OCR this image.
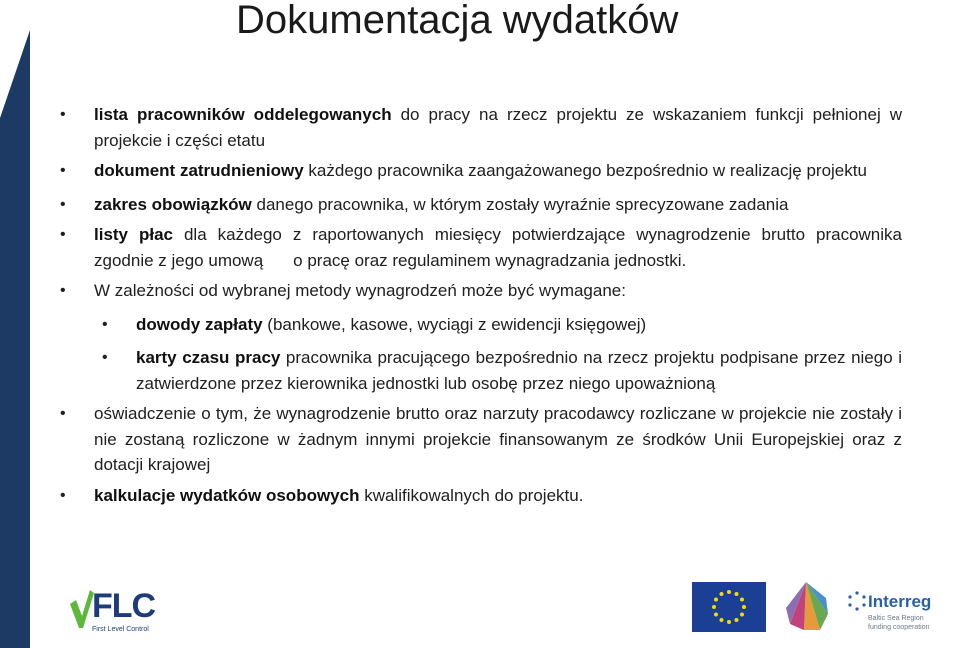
Dokumentacja wydatków
• lista pracowników oddelegowanych do pracy na rzecz projektu ze wskazaniem funkcji pełnionej w projekcie i części etatu
• dokument zatrudnieniowy każdego pracownika zaangażowanego bezpośrednio w realizację projektu
• zakres obowiązków danego pracownika, w którym zostały wyraźnie sprecyzowane zadania
• listy płac dla każdego z raportowanych miesięcy potwierdzające wynagrodzenie brutto pracownika zgodnie z jego umową o pracę oraz regulaminem wynagradzania jednostki.
• W zależności od wybranej metody wynagrodzeń może być wymagane:
• dowody zapłaty (bankowe, kasowe, wyciągi z ewidencji księgowej)
• karty czasu pracy pracownika pracującego bezpośrednio na rzecz projektu podpisane przez niego i zatwierdzone przez kierownika jednostki lub osobę przez niego upoważnioną
• oświadczenie o tym, że wynagrodzenie brutto oraz narzuty pracodawcy rozliczane w projekcie nie zostały i nie zostaną rozliczone w żadnym innymi projekcie finansowanym ze środków Unii Europejskiej oraz z dotacji krajowej
• kalkulacje wydatków osobowych kwalifikowalnych do projektu.
FLC
First Level Control
Interreg
Baltic Sea Region
funding cooperation
